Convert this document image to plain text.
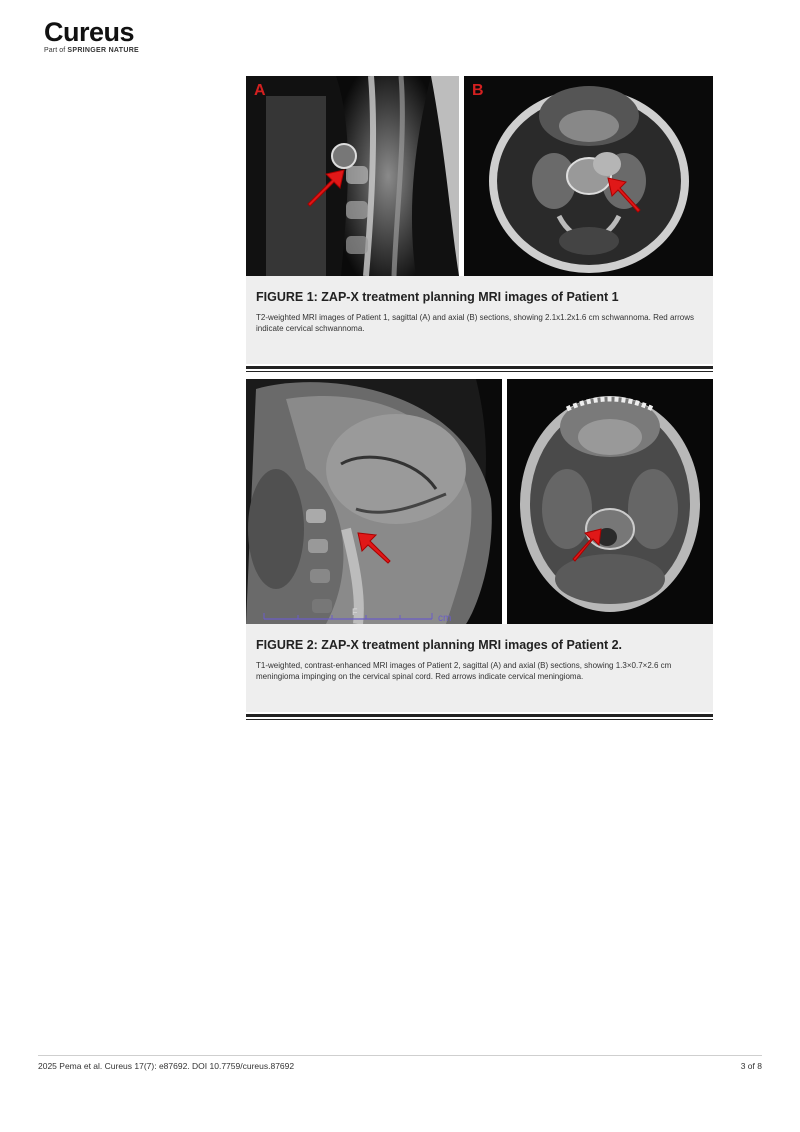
Cureus
Part of SPRINGER NATURE
A	B

FIGURE 1: ZAP-X treatment planning MRI images of Patient 1

T2-weighted MRI images of Patient 1, sagittal (A) and axial (B) sections, showing 2.1x1.2x1.6 cm schwannoma. Red arrows indicate cervical schwannoma.

F
cm

FIGURE 2: ZAP-X treatment planning MRI images of Patient 2.

T1-weighted, contrast-enhanced MRI images of Patient 2, sagittal (A) and axial (B) sections, showing 1.3×0.7×2.6 cm meningioma impinging on the cervical spinal cord. Red arrows indicate cervical meningioma.

2025 Pema et al. Cureus 17(7): e87692. DOI 10.7759/cureus.87692	3 of 8
